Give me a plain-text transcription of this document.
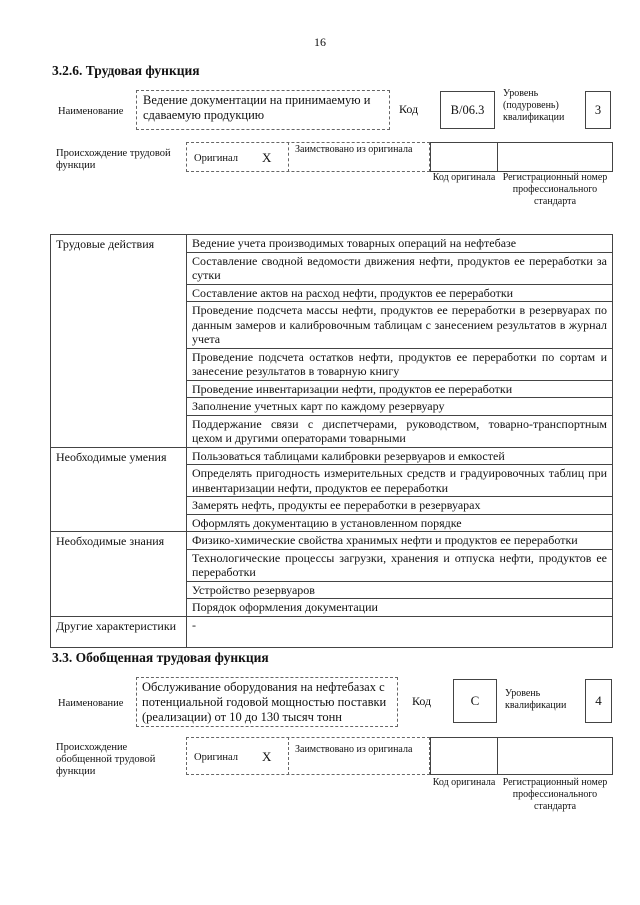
16
3.2.6. Трудовая функция
Наименование
Ведение документации на принимаемую и сдаваемую продукцию	Код	В/06.3
Уровень (подуровень) квалификации
3
Происхождение трудовой функции
Оригинал Х
Заимствовано из оригинала
Код оригинала Регистрационный номер профессионального стандарта
Трудовые действия	Ведение учета производимых товарных операций на нефтебазе
	Составление сводной ведомости движения нефти, продуктов ее переработки за сутки
	Составление актов на расход нефти, продуктов ее переработки
	Проведение подсчета массы нефти, продуктов ее переработки в резервуарах по данным замеров и калибровочным таблицам с занесением результатов в журнал учета
	Проведение подсчета остатков нефти, продуктов ее переработки по сортам и занесение результатов в товарную книгу
	Проведение инвентаризации нефти, продуктов ее переработки
	Заполнение учетных карт по каждому резервуару
	Поддержание связи с диспетчерами, руководством, товарно-транспортным цехом и другими операторами товарными
Необходимые умения	Пользоваться таблицами калибровки резервуаров и емкостей
	Определять пригодность измерительных средств и градуировочных таблиц при инвентаризации нефти, продуктов ее переработки
	Замерять нефть, продукты ее переработки в резервуарах
	Оформлять документацию в установленном порядке
Необходимые знания	Физико-химические свойства хранимых нефти и продуктов ее переработки
	Технологические процессы загрузки, хранения и отпуска нефти, продуктов ее переработки
	Устройство резервуаров
	Порядок оформления документации
Другие характеристики	-
3.3. Обобщенная трудовая функция
Наименование
Обслуживание оборудования на нефтебазах с потенциальной годовой мощностью поставки (реализации) от 10 до 130 тысяч тонн
Код	С	Уровень квалификации	4
Происхождение обобщенной трудовой функции
Оригинал Х Заимствовано из оригинала
Код оригинала Регистрационный номер профессионального стандарта
